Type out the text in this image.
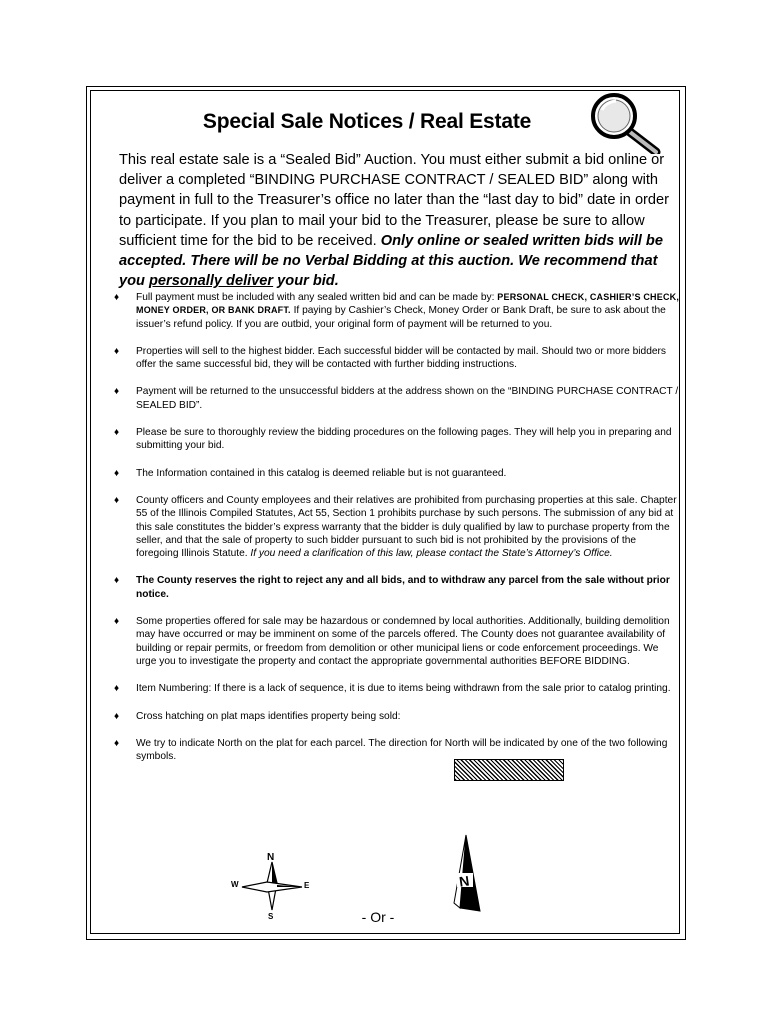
Special Sale Notices / Real Estate
This real estate sale is a “Sealed Bid” Auction. You must either submit a bid online or deliver a completed “BINDING PURCHASE CONTRACT / SEALED BID” along with payment in full to the Treasurer’s office no later than the “last day to bid” date in order to participate. If you plan to mail your bid to the Treasurer, please be sure to allow sufficient time for the bid to be received. Only online or sealed written bids will be accepted. There will be no Verbal Bidding at this auction. We recommend that you personally deliver your bid.
♦ Full payment must be included with any sealed written bid and can be made by: PERSONAL CHECK, CASHIER’S CHECK, MONEY ORDER, OR BANK DRAFT. If paying by Cashier’s Check, Money Order or Bank Draft, be sure to ask about the issuer’s refund policy. If you are outbid, your original form of payment will be returned to you.
♦ Properties will sell to the highest bidder. Each successful bidder will be contacted by mail. Should two or more bidders offer the same successful bid, they will be contacted with further bidding instructions.
♦ Payment will be returned to the unsuccessful bidders at the address shown on the “BINDING PURCHASE CONTRACT / SEALED BID”.
♦ Please be sure to thoroughly review the bidding procedures on the following pages. They will help you in preparing and submitting your bid.
♦ The Information contained in this catalog is deemed reliable but is not guaranteed.
♦ County officers and County employees and their relatives are prohibited from purchasing properties at this sale. Chapter 55 of the Illinois Compiled Statutes, Act 55, Section 1 prohibits purchase by such persons. The submission of any bid at this sale constitutes the bidder’s express warranty that the bidder is duly qualified by law to purchase property from the seller, and that the sale of property to such bidder pursuant to such bid is not prohibited by the provisions of the foregoing Illinois Statute. If you need a clarification of this law, please contact the State’s Attorney’s Office.
♦ The County reserves the right to reject any and all bids, and to withdraw any parcel from the sale without prior notice.
♦ Some properties offered for sale may be hazardous or condemned by local authorities. Additionally, building demolition may have occurred or may be imminent on some of the parcels offered. The County does not guarantee availability of building or repair permits, or freedom from demolition or other municipal liens or code enforcement proceedings. We urge you to investigate the property and contact the appropriate governmental authorities BEFORE BIDDING.
♦ Item Numbering: If there is a lack of sequence, it is due to items being withdrawn from the sale prior to catalog printing.
♦ Cross hatching on plat maps identifies property being sold:
♦ We try to indicate North on the plat for each parcel. The direction for North will be indicated by one of the two following symbols.
N
E
S
W	N
- Or -
